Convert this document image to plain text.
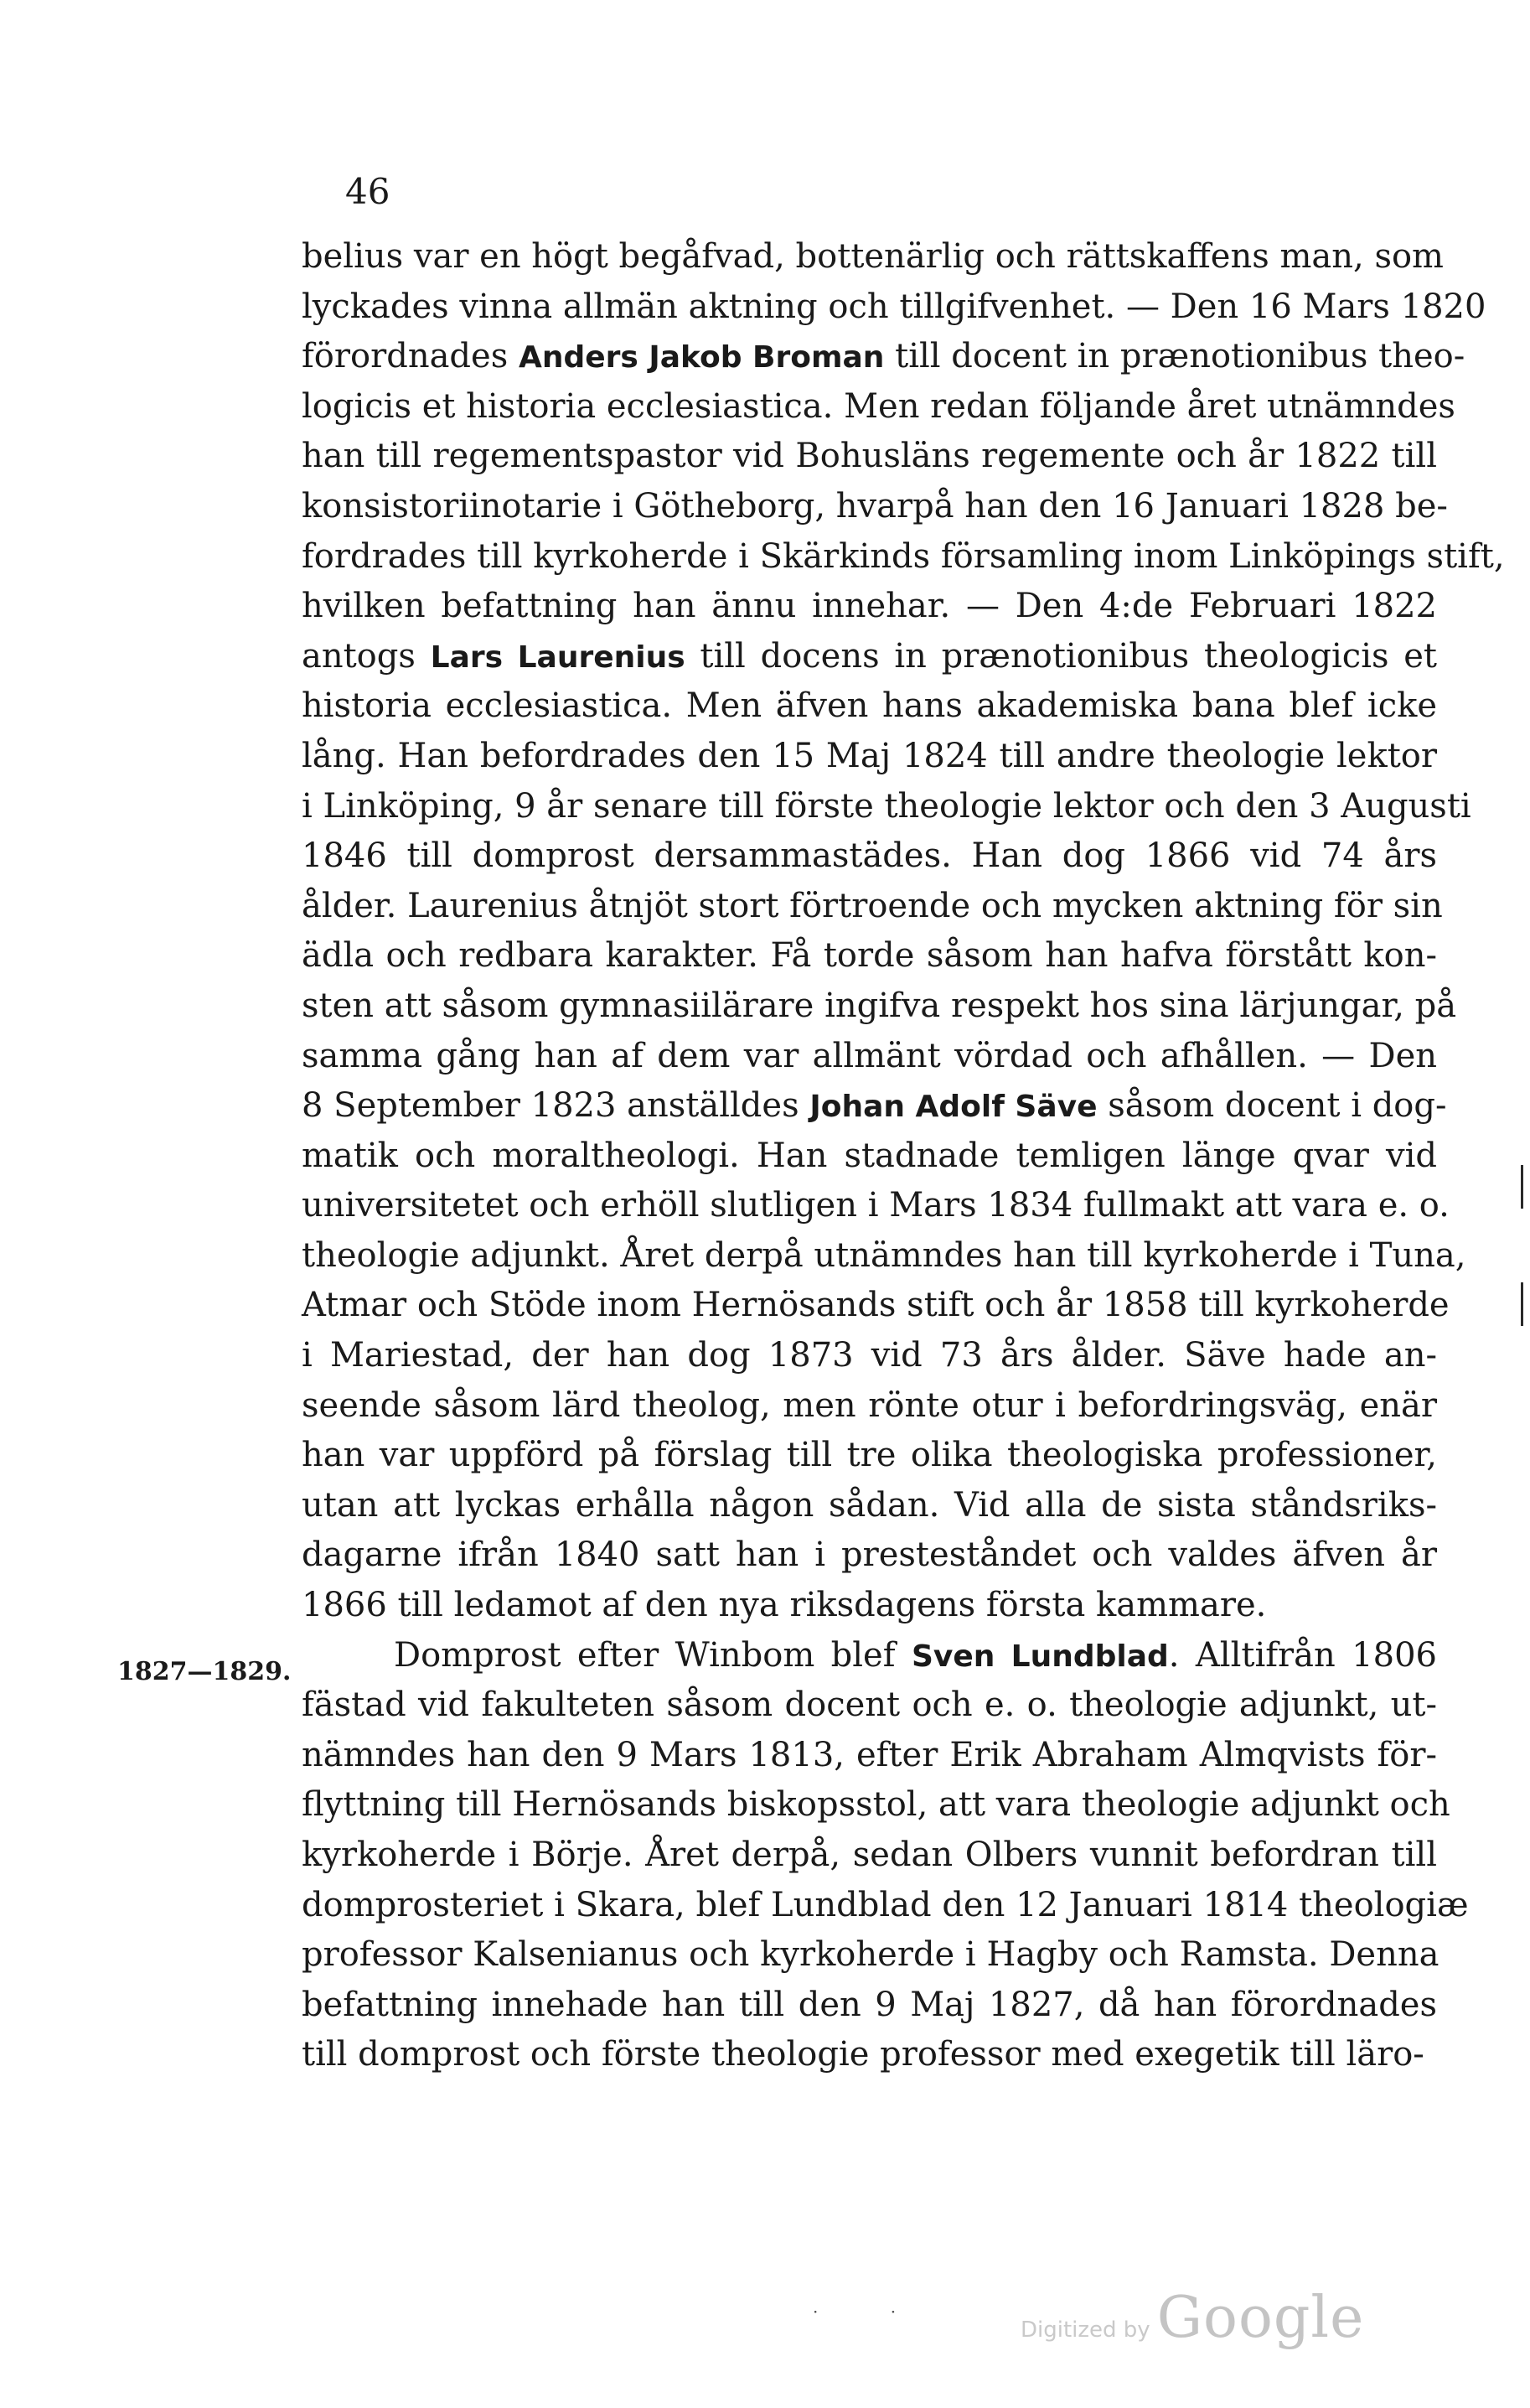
46
belius var en högt begåfvad, bottenärlig och rättskaffens man, som
lyckades vinna allmän aktning och tillgifvenhet. — Den 16 Mars 1820
förordnades Anders Jakob Broman till docent in prænotionibus theo-
logicis et historia ecclesiastica. Men redan följande året utnämndes
han till regementspastor vid Bohusläns regemente och år 1822 till
konsistoriinotarie i Götheborg, hvarpå han den 16 Januari 1828 be-
fordrades till kyrkoherde i Skärkinds församling inom Linköpings stift,
hvilken befattning han ännu innehar. — Den 4:de Februari 1822
antogs Lars Laurenius till docens in prænotionibus theologicis et
historia ecclesiastica. Men äfven hans akademiska bana blef icke
lång. Han befordrades den 15 Maj 1824 till andre theologie lektor
i Linköping, 9 år senare till förste theologie lektor och den 3 Augusti
1846 till domprost dersammastädes. Han dog 1866 vid 74 års
ålder. Laurenius åtnjöt stort förtroende och mycken aktning för sin
ädla och redbara karakter. Få torde såsom han hafva förstått kon-
sten att såsom gymnasiilärare ingifva respekt hos sina lärjungar, på
samma gång han af dem var allmänt vördad och afhållen. — Den
8 September 1823 anställdes Johan Adolf Säve såsom docent i dog-
matik och moraltheologi. Han stadnade temligen länge qvar vid
universitetet och erhöll slutligen i Mars 1834 fullmakt att vara e. o.
theologie adjunkt. Året derpå utnämndes han till kyrkoherde i Tuna,
Atmar och Stöde inom Hernösands stift och år 1858 till kyrkoherde
i Mariestad, der han dog 1873 vid 73 års ålder. Säve hade an-
seende såsom lärd theolog, men rönte otur i befordringsväg, enär
han var uppförd på förslag till tre olika theologiska professioner,
utan att lyckas erhålla någon sådan. Vid alla de sista ståndsriks-
dagarne ifrån 1840 satt han i presteståndet och valdes äfven år
1866 till ledamot af den nya riksdagens första kammare.
Domprost efter Winbom blef Sven Lundblad. Alltifrån 1806
fästad vid fakulteten såsom docent och e. o. theologie adjunkt, ut-
nämndes han den 9 Mars 1813, efter Erik Abraham Almqvists för-
flyttning till Hernösands biskopsstol, att vara theologie adjunkt och
kyrkoherde i Börje. Året derpå, sedan Olbers vunnit befordran till
domprosteriet i Skara, blef Lundblad den 12 Januari 1814 theologiæ
professor Kalsenianus och kyrkoherde i Hagby och Ramsta. Denna
befattning innehade han till den 9 Maj 1827, då han förordnades
till domprost och förste theologie professor med exegetik till läro-
1827—1829.
· ·
Digitized by Google
